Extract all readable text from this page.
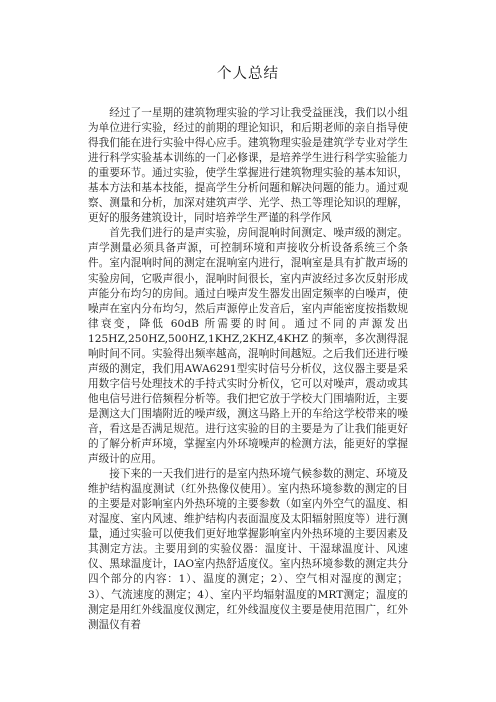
个人总结

经过了一星期的建筑物理实验的学习让我受益匪浅，我们以小组为单位进行实验，经过的前期的理论知识，和后期老师的亲自指导使得我们能在进行实验中得心应手。建筑物理实验是建筑学专业对学生进行科学实验基本训练的一门必修课，是培养学生进行科学实验能力的重要环节。通过实验，使学生掌握进行建筑物理实验的基本知识，基本方法和基本技能，提高学生分析问题和解决问题的能力。通过观察、测量和分析，加深对建筑声学、光学、热工等理论知识的理解，更好的服务建筑设计，同时培养学生严谨的科学作风

首先我们进行的是声实验，房间混响时间测定、噪声级的测定。声学测量必须具备声源，可控制环境和声接收分析设备系统三个条件。室内混响时间的测定在混响室内进行，混响室是具有扩散声场的实验房间，它吸声很小，混响时间很长，室内声波经过多次反射形成声能分布均匀的房间。通过白噪声发生器发出固定频率的白噪声，使噪声在室内分布均匀，然后声源停止发音后，室内声能密度按指数规律衰变，降低 60dB 所需要的时间。通过不同的声源发出125HZ,250HZ,500HZ,1KHZ,2KHZ,4KHZ 的频率，多次测得混响时间不同。实验得出频率越高，混响时间越短。之后我们还进行噪声级的测定，我们用AWA6291型实时信号分析仪，这仪器主要是采用数字信号处理技术的手持式实时分析仪，它可以对噪声，震动或其他电信号进行倍频程分析等。我们把它放于学校大门围墙附近，主要是测这大门围墙附近的噪声级，测这马路上开的车给这学校带来的噪音，看这是否满足规范。进行这实验的目的主要是为了让我们能更好的了解分析声环境，掌握室内外环境噪声的检测方法，能更好的掌握声级计的应用。

接下来的一天我们进行的是室内热环境气候参数的测定、环境及维护结构温度测试（红外热像仪使用）。室内热环境参数的测定的目的主要是对影响室内外热环境的主要参数（如室内外空气的温度、相对湿度、室内风速、维护结构内表面温度及太阳辐射照度等）进行测量，通过实验可以使我们更好地掌握影响室内外热环境的主要因素及其测定方法。主要用到的实验仪器：温度计、干湿球温度计、风速仪、黑球温度计，IAO室内热舒适度仪。室内热环境参数的测定共分四个部分的内容：1）、温度的测定；2）、空气相对湿度的测定；3）、气流速度的测定；4）、室内平均辐射温度的MRT测定；温度的测定是用红外线温度仪测定，红外线温度仪主要是使用范围广，红外测温仪有着
